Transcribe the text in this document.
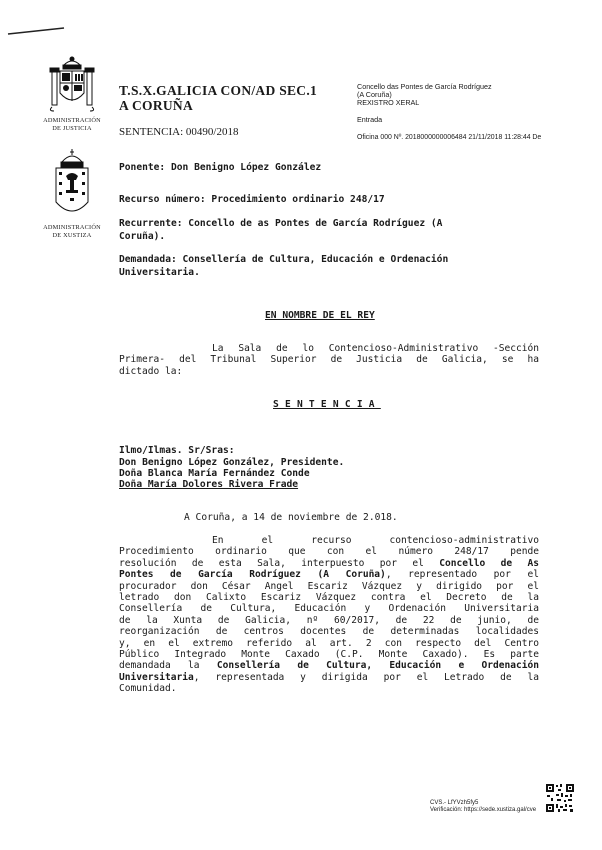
ADMINISTRACIÓN
DE JUSTICIA
ADMINISTRACIÓN
DE XUSTIZA
T.S.X.GALICIA CON/AD SEC.1
A CORUÑA
SENTENCIA: 00490/2018
Concello das Pontes de García Rodríguez
(A Coruña)
REXISTRO XERAL
Entrada
Oficina 000 Nº. 2018000000006484 21/11/2018 11:28:44 De
Ponente: Don Benigno López González
Recurso número: Procedimiento ordinario 248/17
Recurrente: Concello de as Pontes de García Rodríguez (A
Coruña).
Demandada: Consellería de Cultura, Educación e Ordenación
Universitaria.
EN NOMBRE DE EL REY
La Sala de lo Contencioso-Administrativo -Sección
Primera- del Tribunal Superior de Justicia de Galicia, se ha
dictado la:
SENTENCIA
Ilmo/Ilmas. Sr/Sras:
Don Benigno López González, Presidente.
Doña Blanca María Fernández Conde
Doña María Dolores Rivera Frade
A Coruña, a 14 de noviembre de 2.018.
En el recurso contencioso-administrativo
Procedimiento ordinario que con el número 248/17 pende
resolución de esta Sala, interpuesto por el Concello de As
Pontes de García Rodríguez (A Coruña), representado por el
procurador don César Angel Escariz Vázquez y dirigido por el
letrado don Calixto Escariz Vázquez contra el Decreto de la
Consellería de Cultura, Educación y Ordenación Universitaria
de la Xunta de Galicia, nº 60/2017, de 22 de junio, de
reorganización de centros docentes de determinadas localidades
y, en el extremo referido al art. 2 con respecto del Centro
Público Integrado Monte Caxado (C.P. Monte Caxado). Es parte
demandada la Consellería de Cultura, Educación e Ordenación
Universitaria, representada y dirigida por el Letrado de la
Comunidad.
CVS.- LfYVzh5fy5
Verificación: https://sede.xustiza.gal/cve
